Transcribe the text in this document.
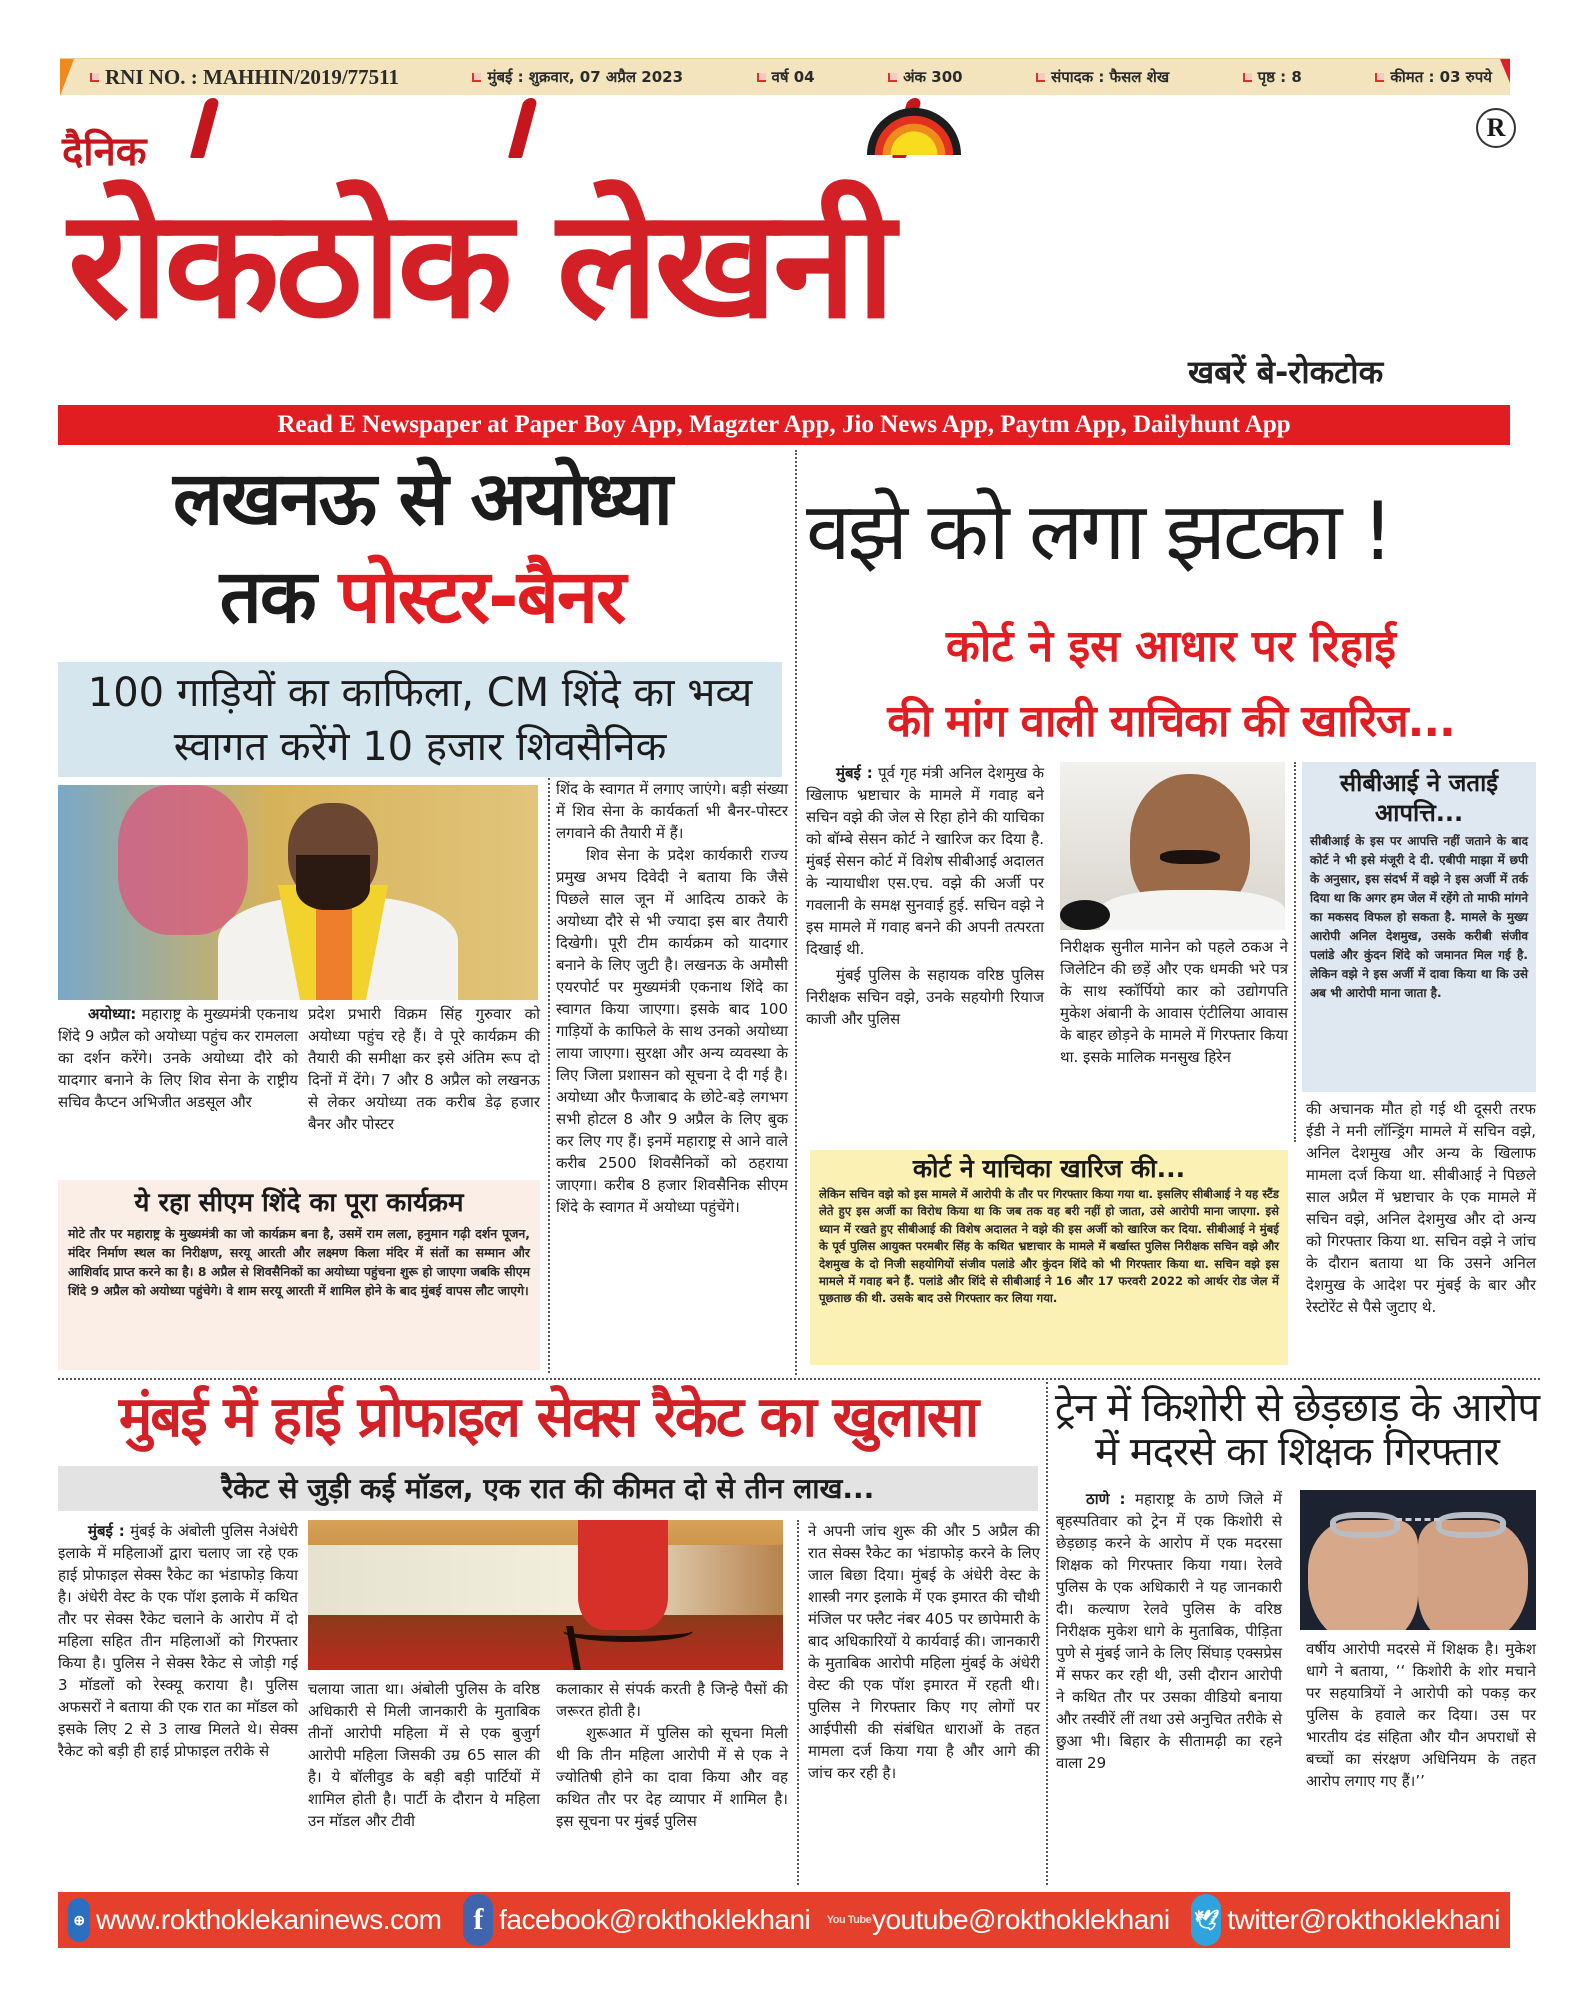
RNI NO. : MAHHIN/2019/77511	मुंबई : शुक्रवार, 07 अप्रैल 2023	वर्ष 04	अंक 300	संपादक : फैसल शेख	पृष्ठ : 8	कीमत : 03 रुपये
दैनिक
रोकठोक लेखनी
R
खबरें बे-रोकटोक
Read E Newspaper at Paper Boy App, Magzter App, Jio News App, Paytm App, Dailyhunt App
लखनऊ से अयोध्या
तक पोस्टर-बैनर
100 गाड़ियों का काफिला, CM शिंदे का भव्य स्वागत करेंगे 10 हजार शिवसैनिक
अयोध्या: महाराष्ट्र के मुख्यमंत्री एकनाथ शिंदे 9 अप्रैल को अयोध्या पहुंच कर रामलला का दर्शन करेंगे। उनके अयोध्या दौरे को यादगार बनाने के लिए शिव सेना के राष्ट्रीय सचिव कैप्टन अभिजीत अडसूल और
प्रदेश प्रभारी विक्रम सिंह गुरुवार को अयोध्या पहुंच रहे हैं। वे पूरे कार्यक्रम की तैयारी की समीक्षा कर इसे अंतिम रूप दो दिनों में देंगे। 7 और 8 अप्रैल को लखनऊ से लेकर अयोध्या तक करीब डेढ़ हजार बैनर और पोस्टर

शिंद के स्वागत में लगाए जाएंगे। बड़ी संख्या में शिव सेना के कार्यकर्ता भी बैनर-पोस्टर लगवाने की तैयारी में हैं।

शिव सेना के प्रदेश कार्यकारी राज्य प्रमुख अभय दिवेदी ने बताया कि जैसे पिछले साल जून में आदित्य ठाकरे के अयोध्या दौरे से भी ज्यादा इस बार तैयारी दिखेगी। पूरी टीम कार्यक्रम को यादगार बनाने के लिए जुटी है। लखनऊ के अमौसी एयरपोर्ट पर मुख्यमंत्री एकनाथ शिंदे का स्वागत किया जाएगा। इसके बाद 100 गाड़ियों के काफिले के साथ उनको अयोध्या लाया जाएगा। सुरक्षा और अन्य व्यवस्था के लिए जिला प्रशासन को सूचना दे दी गई है। अयोध्या और फैजाबाद के छोटे-बड़े लगभग सभी होटल 8 और 9 अप्रैल के लिए बुक कर लिए गए हैं। इनमें महाराष्ट्र से आने वाले करीब 2500 शिवसैनिकों को ठहराया जाएगा। करीब 8 हजार शिवसैनिक सीएम शिंदे के स्वागत में अयोध्या पहुंचेंगे।

ये रहा सीएम शिंदे का पूरा कार्यक्रम
मोटे तौर पर महाराष्ट्र के मुख्यमंत्री का जो कार्यक्रम बना है, उसमें राम लला, हनुमान गढ़ी दर्शन पूजन, मंदिर निर्माण स्थल का निरीक्षण, सरयू आरती और लक्ष्मण किला मंदिर में संतों का सम्मान और आशिर्वाद प्राप्त करने का है। 8 अप्रैल से शिवसैनिकों का अयोध्या पहुंचना शुरू हो जाएगा जबकि सीएम शिंदे 9 अप्रैल को अयोध्या पहुंचेगे। वे शाम सरयू आरती में शामिल होने के बाद मुंबई वापस लौट जाएगे।
वझे को लगा झटका !
कोर्ट ने इस आधार पर रिहाई
की मांग वाली याचिका की खारिज...

मुंबई : पूर्व गृह मंत्री अनिल देशमुख के खिलाफ भ्रष्टाचार के मामले में गवाह बने सचिन वझे की जेल से रिहा होने की याचिका को बॉम्बे सेसन कोर्ट ने खारिज कर दिया है. मुंबई सेसन कोर्ट में विशेष सीबीआई अदालत के न्यायाधीश एस.एच. वझे की अर्जी पर गवलानी के समक्ष सुनवाई हुई. सचिन वझे ने इस मामले में गवाह बनने की अपनी तत्परता दिखाई थी.

मुंबई पुलिस के सहायक वरिष्ठ पुलिस निरीक्षक सचिन वझे, उनके सहयोगी रियाज काजी और पुलिस

निरीक्षक सुनील मानेन को पहले ठकअ ने जिलेटिन की छड़ें और एक धमकी भरे पत्र के साथ स्कॉर्पियो कार को उद्योगपति मुकेश अंबानी के आवास एंटीलिया आवास के बाहर छोड़ने के मामले में गिरफ्तार किया था. इसके मालिक मनसुख हिरेन
सीबीआई ने जताई आपत्ति...
सीबीआई के इस पर आपत्ति नहीं जताने के बाद कोर्ट ने भी इसे मंजूरी दे दी. एबीपी माझा में छपी के अनुसार, इस संदर्भ में वझे ने इस अर्जी में तर्क दिया था कि अगर हम जेल में रहेंगे तो माफी मांगने का मकसद विफल हो सकता है. मामले के मुख्य आरोपी अनिल देशमुख, उसके करीबी संजीव पलांडे और कुंदन शिंदे को जमानत मिल गई है. लेकिन वझे ने इस अर्जी में दावा किया था कि उसे अब भी आरोपी माना जाता है.
की अचानक मौत हो गई थी दूसरी तरफ ईडी ने मनी लॉन्ड्रिंग मामले में सचिन वझे, अनिल देशमुख और अन्य के खिलाफ मामला दर्ज किया था. सीबीआई ने पिछले साल अप्रैल में भ्रष्टाचार के एक मामले में सचिन वझे, अनिल देशमुख और दो अन्य को गिरफ्तार किया था. सचिन वझे ने जांच के दौरान बताया था कि उसने अनिल देशमुख के आदेश पर मुंबई के बार और रेस्टोरेंट से पैसे जुटाए थे.
कोर्ट ने याचिका खारिज की...
लेकिन सचिन वझे को इस मामले में आरोपी के तौर पर गिरफ्तार किया गया था. इसलिए सीबीआई ने यह स्टैंड लेते हुए इस अर्जी का विरोध किया था कि जब तक वह बरी नहीं हो जाता, उसे आरोपी माना जाएगा. इसे ध्यान में रखते हुए सीबीआई की विशेष अदालत ने वझे की इस अर्जी को खारिज कर दिया. सीबीआई ने मुंबई के पूर्व पुलिस आयुक्त परमबीर सिंह के कथित भ्रष्टाचार के मामले में बर्खास्त पुलिस निरीक्षक सचिन वझे और देशमुख के दो निजी सहयोगियों संजीव पलांडे और कुंदन शिंदे को भी गिरफ्तार किया था. सचिन वझे इस मामले में गवाह बने हैं. पलांडे और शिंदे से सीबीआई ने 16 और 17 फरवरी 2022 को आर्थर रोड जेल में पूछताछ की थी. उसके बाद उसे गिरफ्तार कर लिया गया.
मुंबई में हाई प्रोफाइल सेक्स रैकेट का खुलासा
रैकेट से जुड़ी कई मॉडल, एक रात की कीमत दो से तीन लाख...
मुंबई : मुंबई के अंबोली पुलिस नेअंधेरी इलाके में महिलाओं द्वारा चलाए जा रहे एक हाई प्रोफाइल सेक्स रैकेट का भंडाफोड़ किया है। अंधेरी वेस्ट के एक पॉश इलाके में कथित तौर पर सेक्स रैकेट चलाने के आरोप में दो महिला सहित तीन महिलाओं को गिरफ्तार किया है। पुलिस ने सेक्स रैकेट से जोड़ी गई 3 मॉडलों को रेस्क्यू कराया है। पुलिस अफसरों ने बताया की एक रात का मॉडल को इसके लिए 2 से 3 लाख मिलते थे। सेक्स रैकेट को बड़ी ही हाई प्रोफाइल तरीके से
चलाया जाता था। अंबोली पुलिस के वरिष्ठ अधिकारी से मिली जानकारी के मुताबिक तीनों आरोपी महिला में से एक बुजुर्ग आरोपी महिला जिसकी उम्र 65 साल की है। ये बॉलीवुड के बड़ी बड़ी पार्टियों में शामिल होती है। पार्टी के दौरान ये महिला उन मॉडल और टीवी

कलाकार से संपर्क करती है जिन्हे पैसों की जरूरत होती है।

शुरूआत में पुलिस को सूचना मिली थी कि तीन महिला आरोपी में से एक ने ज्योतिषी होने का दावा किया और वह कथित तौर पर देह व्यापार में शामिल है। इस सूचना पर मुंबई पुलिस

ने अपनी जांच शुरू की और 5 अप्रैल की रात सेक्स रैकेट का भंडाफोड़ करने के लिए जाल बिछा दिया। मुंबई के अंधेरी वेस्ट के शास्त्री नगर इलाके में एक इमारत की चौथी मंजिल पर फ्लैट नंबर 405 पर छापेमारी के बाद अधिकारियों ये कार्यवाई की। जानकारी के मुताबिक आरोपी महिला मुंबई के अंधेरी वेस्ट की एक पॉश इमारत में रहती थी। पुलिस ने गिरफ्तार किए गए लोगों पर आईपीसी की संबंधित धाराओं के तहत मामला दर्ज किया गया है और आगे की जांच कर रही है।
ट्रेन में किशोरी से छेड़छाड़ के आरोप
में मदरसे का शिक्षक गिरफ्तार
ठाणे : महाराष्ट्र के ठाणे जिले में बृहस्पतिवार को ट्रेन में एक किशोरी से छेड़छाड़ करने के आरोप में एक मदरसा शिक्षक को गिरफ्तार किया गया। रेलवे पुलिस के एक अधिकारी ने यह जानकारी दी। कल्याण रेलवे पुलिस के वरिष्ठ निरीक्षक मुकेश धागे के मुताबिक, पीड़िता पुणे से मुंबई जाने के लिए सिंघाड़ एक्सप्रेस में सफर कर रही थी, उसी दौरान आरोपी ने कथित तौर पर उसका वीडियो बनाया और तस्वीरें लीं तथा उसे अनुचित तरीके से छुआ भी। बिहार के सीतामढ़ी का रहने वाला 29
वर्षीय आरोपी मदरसे में शिक्षक है। मुकेश धागे ने बताया, ‘‘ किशोरी के शोर मचाने पर सहयात्रियों ने आरोपी को पकड़ कर पुलिस के हवाले कर दिया। उस पर भारतीय दंड संहिता और यौन अपराधों से बच्चों का संरक्षण अधिनियम के तहत आरोप लगाए गए हैं।’’
⊕ www.rokthoklekaninews.com	f facebook@rokthoklekhani You Tube youtube@rokthoklekhani 🕊 twitter@rokthoklekhani
